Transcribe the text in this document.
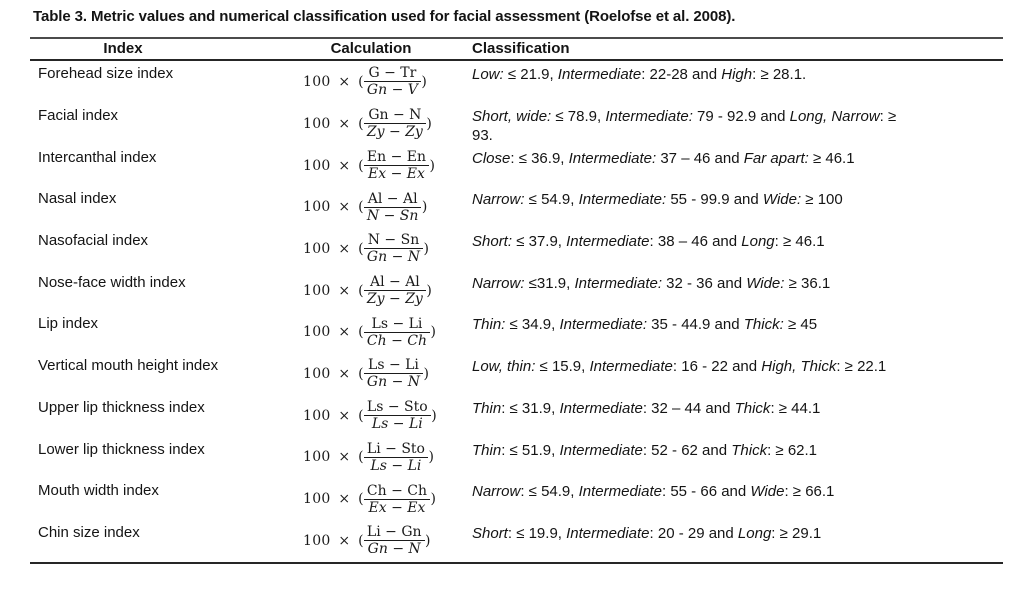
Table 3. Metric values and numerical classification used for facial assessment (Roelofse et al. 2008).
Index	Calculation	Classification
Forehead size index	100 × ( $\frac{G - Tr}{Gn - V}$ )	Low: ≤ 21.9, Intermediate: 22-28 and High: ≥ 28.1.
Facial index	100 × ( $\frac{Gn - N}{Zy - Zy}$ )	Short, wide: ≤ 78.9, Intermediate: 79 - 92.9 and Long, Narrow: ≥
93.
Intercanthal index	100 × ( $\frac{En - En}{Ex - Ex}$ ) Close: ≤ 36.9, Intermediate: 37 – 46 and Far apart: ≥ 46.1
Nasal index	100 × ( $\frac{Al - Al}{N - Sn}$ )	Narrow: ≤ 54.9, Intermediate: 55 - 99.9 and Wide: ≥ 100
Nasofacial index	100 × ( $\frac{N - Sn}{Gn - N}$ )	Short: ≤ 37.9, Intermediate: 38 – 46 and Long: ≥ 46.1
Nose-face width index	100 × ( $\frac{Al - Al}{Zy - Zy}$ )	Narrow: ≤31.9, Intermediate: 32 - 36 and Wide: ≥ 36.1
Lip index	100 × ( $\frac{Ls - Li}{Ch - Ch}$ ) Thin: ≤ 34.9, Intermediate: 35 - 44.9 and Thick: ≥ 45
Vertical mouth height index	100 × ( $\frac{Ls - Li}{Gn - N}$ )	Low, thin: ≤ 15.9, Intermediate: 16 - 22 and High, Thick: ≥ 22.1
Upper lip thickness index	100 × ( $\frac{\text{Ls − Sto}}{Ls - Li}$ ) Thin: ≤ 31.9, Intermediate: 32 – 44 and Thick: ≥ 44.1
Lower lip thickness index	100 × ( $\frac{\text{Li − Sto}}{Ls - Li}$ )	Thin: ≤ 51.9, Intermediate: 52 - 62 and Thick: ≥ 62.1
Mouth width index	100 × ( $\frac{Ch - Ch}{Ex - Ex}$ ) Narrow: ≤ 54.9, Intermediate: 55 - 66 and Wide: ≥ 66.1
Chin size index	100 × ( $\frac{Li - Gn}{Gn - N}$ )	Short: ≤ 19.9, Intermediate: 20 - 29 and Long: ≥ 29.1
